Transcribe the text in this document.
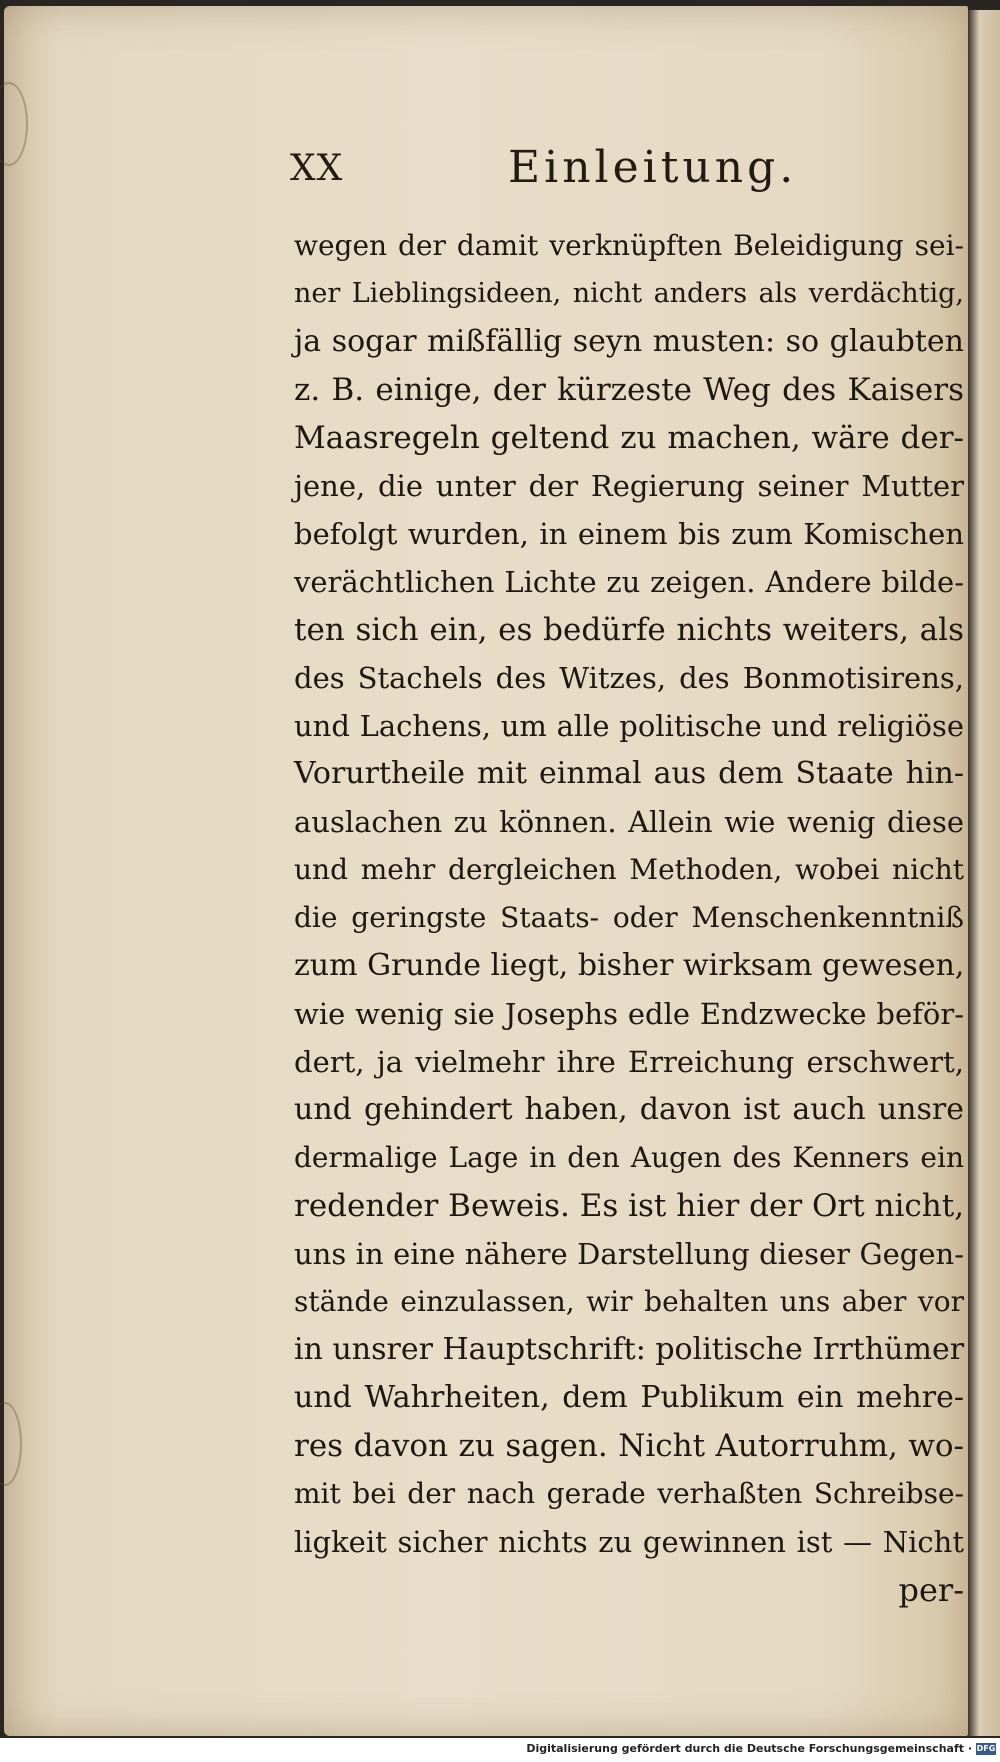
XX	Einleitung.
wegen der damit verknüpften Beleidigung sei-
ner Lieblingsideen, nicht anders als verdächtig,
ja sogar mißfällig seyn musten: so glaubten
z. B. einige, der kürzeste Weg des Kaisers
Maasregeln geltend zu machen, wäre der-
jene, die unter der Regierung seiner Mutter
befolgt wurden, in einem bis zum Komischen
verächtlichen Lichte zu zeigen. Andere bilde-
ten sich ein, es bedürfe nichts weiters, als
des Stachels des Witzes, des Bonmotisirens,
und Lachens, um alle politische und religiöse
Vorurtheile mit einmal aus dem Staate hin-
auslachen zu können. Allein wie wenig diese
und mehr dergleichen Methoden, wobei nicht
die geringste Staats- oder Menschenkenntniß
zum Grunde liegt, bisher wirksam gewesen,
wie wenig sie Josephs edle Endzwecke beför-
dert, ja vielmehr ihre Erreichung erschwert,
und gehindert haben, davon ist auch unsre
dermalige Lage in den Augen des Kenners ein
redender Beweis. Es ist hier der Ort nicht,
uns in eine nähere Darstellung dieser Gegen-
stände einzulassen, wir behalten uns aber vor
in unsrer Hauptschrift: politische Irrthümer
und Wahrheiten, dem Publikum ein mehre-
res davon zu sagen. Nicht Autorruhm, wo-
mit bei der nach gerade verhaßten Schreibse-
ligkeit sicher nichts zu gewinnen ist — Nicht
per-
Digitalisierung gefördert durch die Deutsche Forschungsgemeinschaft · DFG
